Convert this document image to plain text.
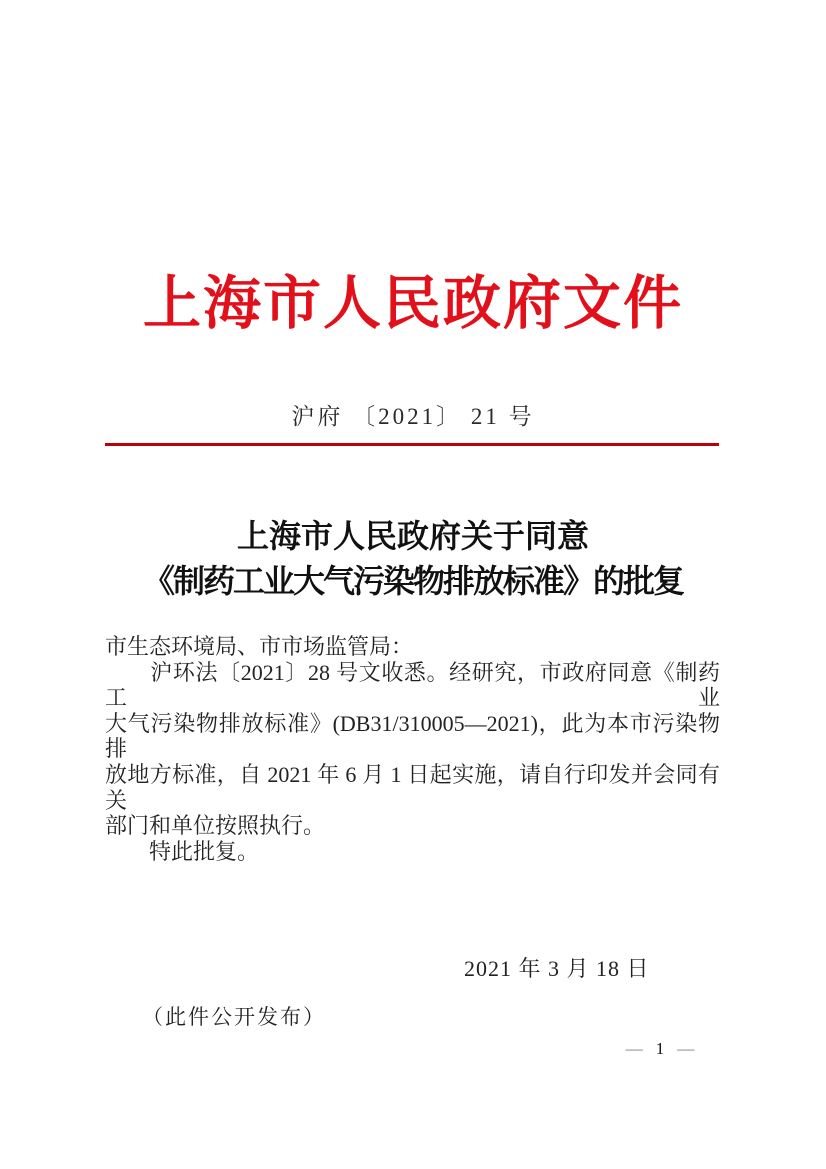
上海市人民政府文件
沪府 〔2021〕 21 号
上海市人民政府关于同意
《制药工业大气污染物排放标准》的批复
市生态环境局、市市场监管局：
　　沪环法〔2021〕28 号文收悉。经研究，市政府同意《制药工业
大气污染物排放标准》(DB31/310005—2021)，此为本市污染物排
放地方标准，自 2021 年 6 月 1 日起实施，请自行印发并会同有关
部门和单位按照执行。
　　特此批复。
2021 年 3 月 18 日
（此件公开发布）
— 1 —
